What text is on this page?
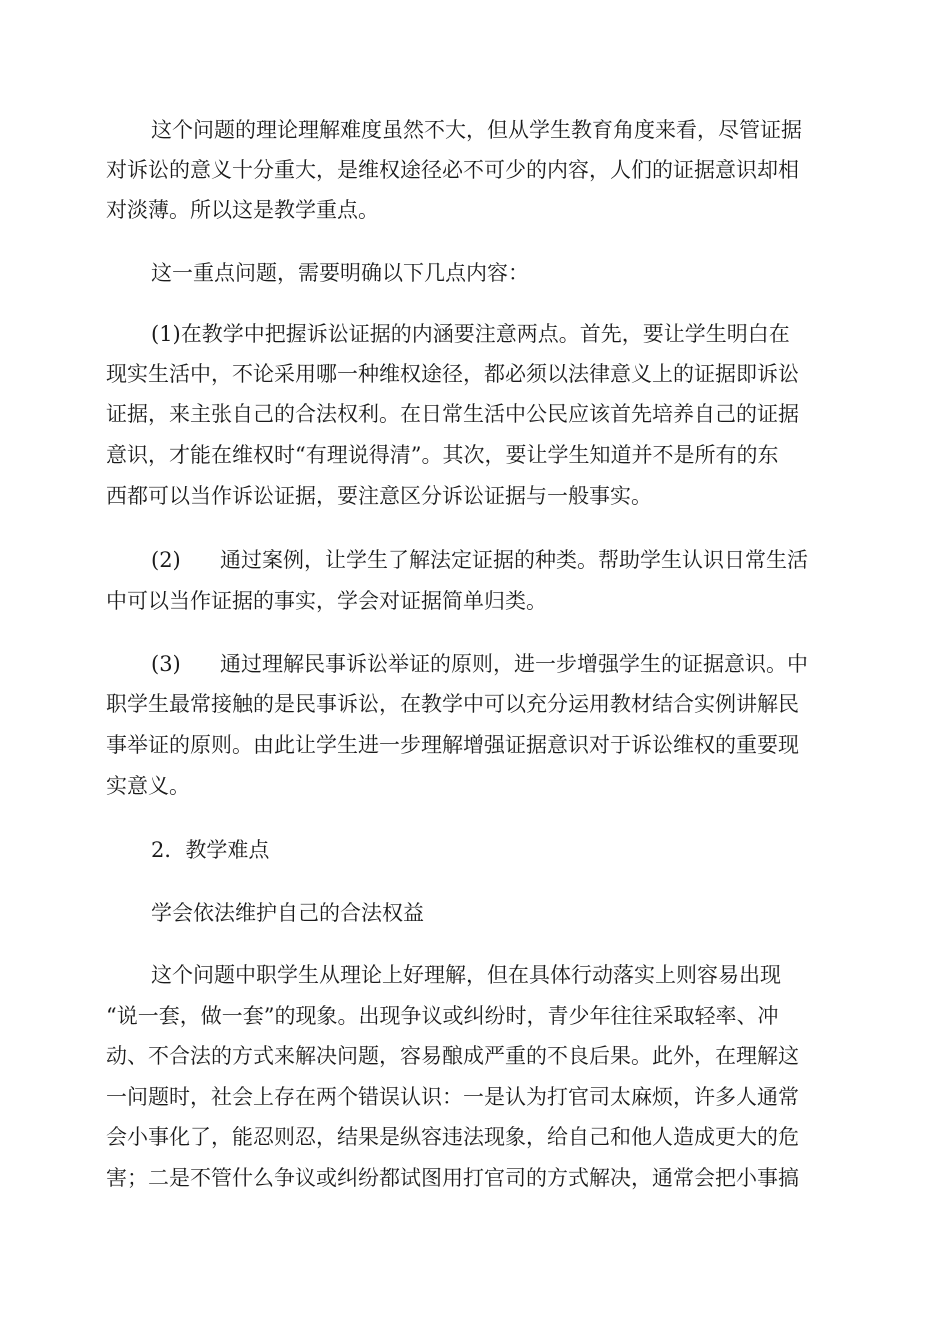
这个问题的理论理解难度虽然不大，但从学生教育角度来看，尽管证据
对诉讼的意义十分重大，是维权途径必不可少的内容，人们的证据意识却相
对淡薄。所以这是教学重点。
这一重点问题，需要明确以下几点内容：
(1)在教学中把握诉讼证据的内涵要注意两点。首先，要让学生明白在
现实生活中，不论采用哪一种维权途径，都必须以法律意义上的证据即诉讼
证据，来主张自己的合法权利。在日常生活中公民应该首先培养自己的证据
意识，才能在维权时“有理说得清”。其次，要让学生知道并不是所有的东
西都可以当作诉讼证据，要注意区分诉讼证据与一般事实。
(2) 通过案例，让学生了解法定证据的种类。帮助学生认识日常生活
中可以当作证据的事实，学会对证据简单归类。
(3) 通过理解民事诉讼举证的原则，进一步增强学生的证据意识。中
职学生最常接触的是民事诉讼，在教学中可以充分运用教材结合实例讲解民
事举证的原则。由此让学生进一步理解增强证据意识对于诉讼维权的重要现
实意义。
2．教学难点
学会依法维护自己的合法权益
这个问题中职学生从理论上好理解，但在具体行动落实上则容易出现
“说一套，做一套”的现象。出现争议或纠纷时，青少年往往采取轻率、冲
动、不合法的方式来解决问题，容易酿成严重的不良后果。此外，在理解这
一问题时，社会上存在两个错误认识：一是认为打官司太麻烦，许多人通常
会小事化了，能忍则忍，结果是纵容违法现象，给自己和他人造成更大的危
害；二是不管什么争议或纠纷都试图用打官司的方式解决，通常会把小事搞
